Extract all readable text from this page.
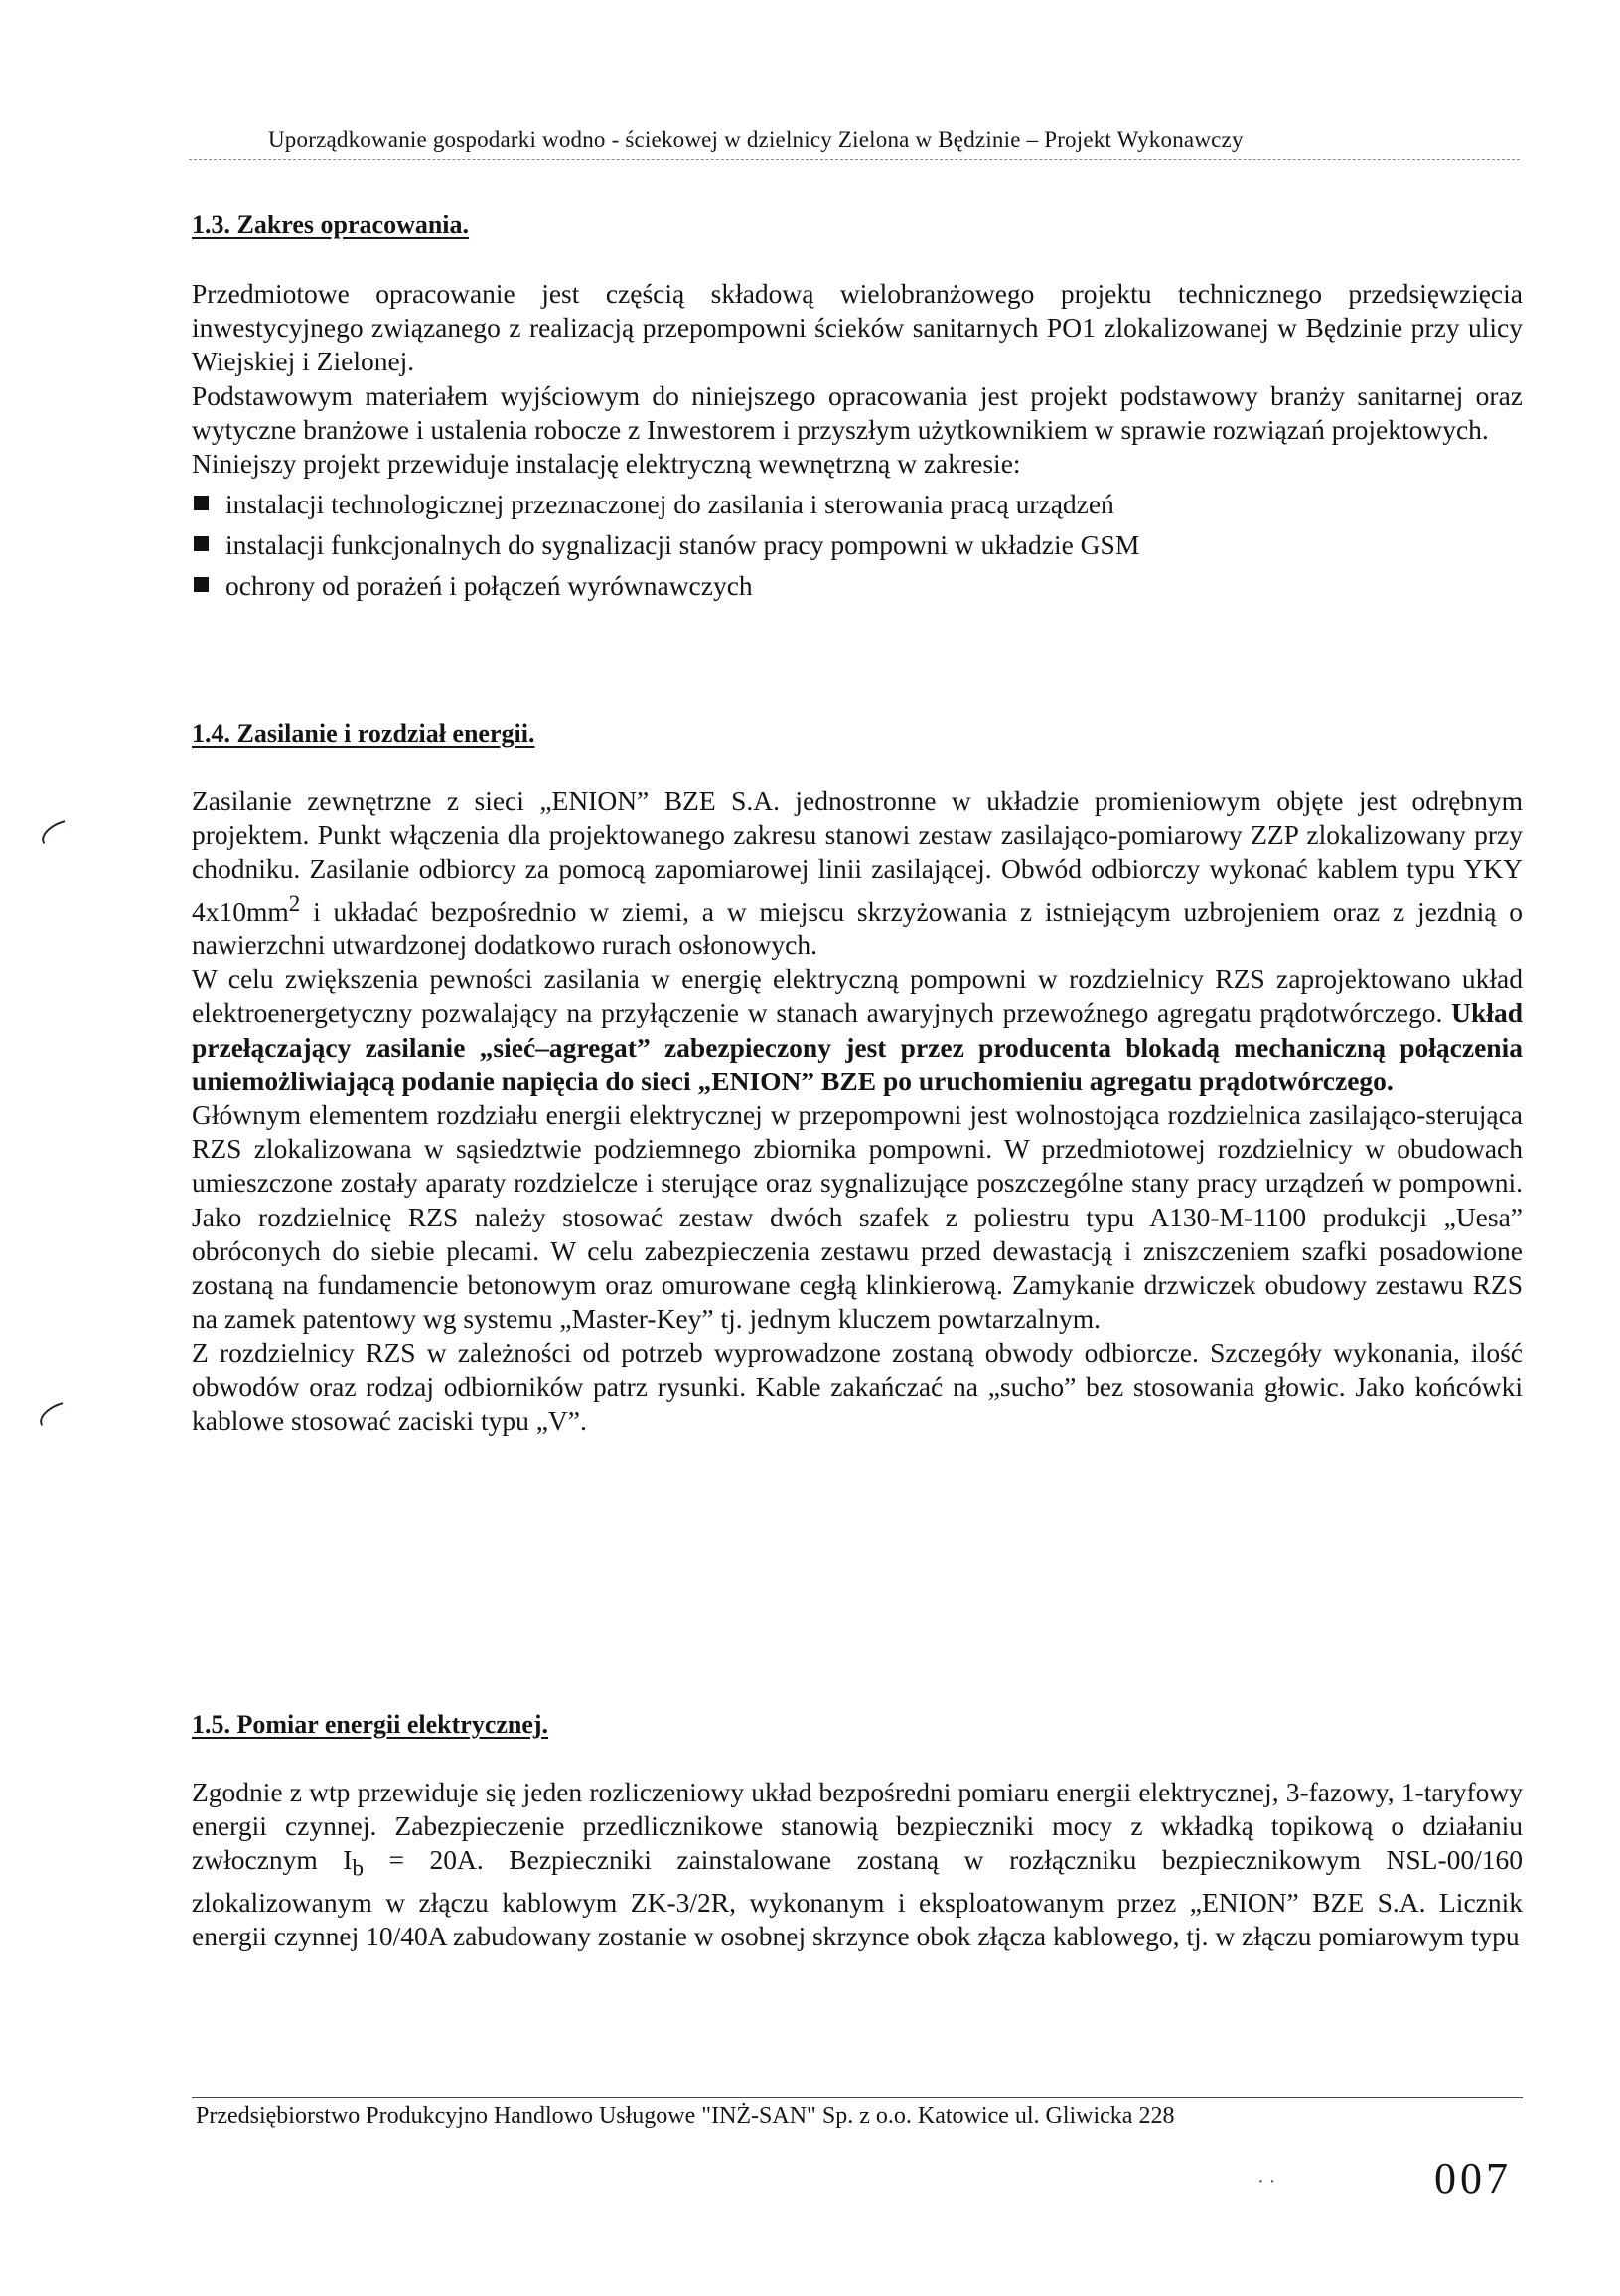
Uporządkowanie gospodarki wodno - ściekowej w dzielnicy Zielona w Będzinie – Projekt Wykonawczy
1.3. Zakres opracowania.

Przedmiotowe opracowanie jest częścią składową wielobranżowego projektu technicznego przedsięwzięcia inwestycyjnego związanego z realizacją przepompowni ścieków sanitarnych PO1 zlokalizowanej w Będzinie przy ulicy Wiejskiej i Zielonej.

Podstawowym materiałem wyjściowym do niniejszego opracowania jest projekt podstawowy branży sanitarnej oraz wytyczne branżowe i ustalenia robocze z Inwestorem i przyszłym użytkownikiem w sprawie rozwiązań projektowych.

Niniejszy projekt przewiduje instalację elektryczną wewnętrzną w zakresie:

instalacji technologicznej przeznaczonej do zasilania i sterowania pracą urządzeń
instalacji funkcjonalnych do sygnalizacji stanów pracy pompowni w układzie GSM
ochrony od porażeń i połączeń wyrównawczych
1.4. Zasilanie i rozdział energii.

Zasilanie zewnętrzne z sieci „ENION” BZE S.A. jednostronne w układzie promieniowym objęte jest odrębnym projektem. Punkt włączenia dla projektowanego zakresu stanowi zestaw zasilająco-pomiarowy ZZP zlokalizowany przy chodniku. Zasilanie odbiorcy za pomocą zapomiarowej linii zasilającej. Obwód odbiorczy wykonać kablem typu YKY $4x10mm^2$ i układać bezpośrednio w ziemi, a w miejscu skrzyżowania z istniejącym uzbrojeniem oraz z jezdnią o nawierzchni utwardzonej dodatkowo rurach osłonowych.

W celu zwiększenia pewności zasilania w energię elektryczną pompowni w rozdzielnicy RZS zaprojektowano układ elektroenergetyczny pozwalający na przyłączenie w stanach awaryjnych przewoźnego agregatu prądotwórczego. Układ przełączający zasilanie „sieć–agregat” zabezpieczony jest przez producenta blokadą mechaniczną połączenia uniemożliwiającą podanie napięcia do sieci „ENION” BZE po uruchomieniu agregatu prądotwórczego.

Głównym elementem rozdziału energii elektrycznej w przepompowni jest wolnostojąca rozdzielnica zasilająco-sterująca RZS zlokalizowana w sąsiedztwie podziemnego zbiornika pompowni. W przedmiotowej rozdzielnicy w obudowach umieszczone zostały aparaty rozdzielcze i sterujące oraz sygnalizujące poszczególne stany pracy urządzeń w pompowni. Jako rozdzielnicę RZS należy stosować zestaw dwóch szafek z poliestru typu A130-M-1100 produkcji „Uesa” obróconych do siebie plecami. W celu zabezpieczenia zestawu przed dewastacją i zniszczeniem szafki posadowione zostaną na fundamencie betonowym oraz omurowane cegłą klinkierową. Zamykanie drzwiczek obudowy zestawu RZS na zamek patentowy wg systemu „Master-Key” tj. jednym kluczem powtarzalnym.

Z rozdzielnicy RZS w zależności od potrzeb wyprowadzone zostaną obwody odbiorcze. Szczegóły wykonania, ilość obwodów oraz rodzaj odbiorników patrz rysunki. Kable zakańczać na „sucho” bez stosowania głowic. Jako końcówki kablowe stosować zaciski typu „V”.

1.5. Pomiar energii elektrycznej.

Zgodnie z wtp przewiduje się jeden rozliczeniowy układ bezpośredni pomiaru energii elektrycznej, 3-fazowy, 1-taryfowy energii czynnej. Zabezpieczenie przedlicznikowe stanowią bezpieczniki mocy z wkładką topikową o działaniu zwłocznym $I_b = 20A$. Bezpieczniki zainstalowane zostaną w rozłączniku bezpiecznikowym NSL-00/160 zlokalizowanym w złączu kablowym ZK-3/2R, wykonanym i eksploatowanym przez „ENION” BZE S.A. Licznik energii czynnej 10/40A zabudowany zostanie w osobnej skrzynce obok złącza kablowego, tj. w złączu pomiarowym typu

Przedsiębiorstwo Produkcyjno Handlowo Usługowe "INŻ-SAN" Sp. z o.o. Katowice ul. Gliwicka 228
007
· ·
